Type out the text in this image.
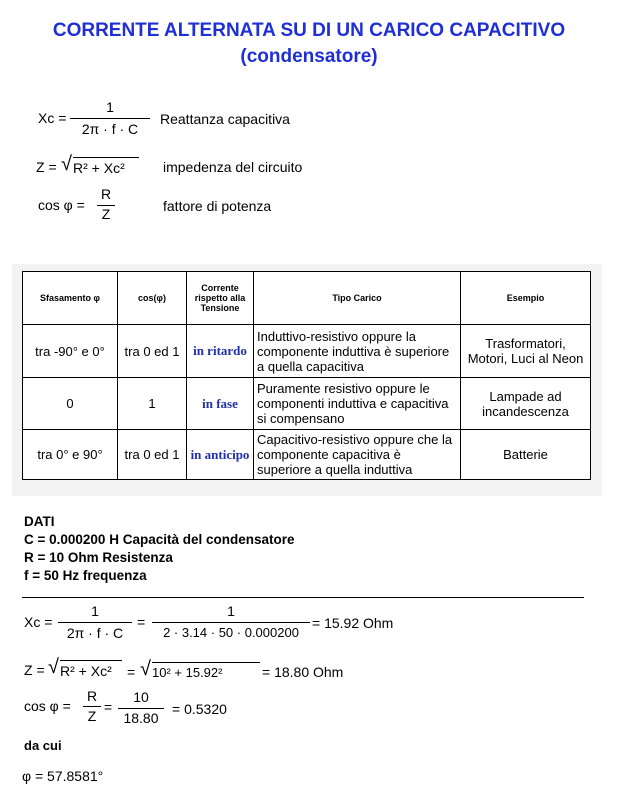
CORRENTE ALTERNATA SU DI UN CARICO CAPACITIVO
(condensatore)
Xc =
1
2π · f · C
Reattanza capacitiva
Z = √ R² + Xc²	impedenza del circuito
cos φ =
R
Z	fattore di potenza
Sfasamento φ	cos(φ)	Corrente rispetto alla Tensione	Tipo Carico	Esempio
tra -90° e 0°	tra 0 ed 1	in ritardo	Induttivo-resistivo oppure la componente induttiva è superiore a quella capacitiva	Trasformatori, Motori, Luci al Neon
0	1	in fase	Puramente resistivo oppure le componenti induttiva e capacitiva si compensano	Lampade ad incandescenza
tra 0° e 90°	tra 0 ed 1	in anticipo	Capacitivo-resistivo oppure che la componente capacitiva è superiore a quella induttiva	Batterie
DATI
C = 0.000200 H Capacità del condensatore
R = 10 Ohm Resistenza
f = 50 Hz frequenza
Xc =
1
2π · f · C
=
1
2 · 3.14 · 50 · 0.000200
= 15.92 Ohm
Z = √ R² + Xc²	= √ 10² + 15.92²	= 18.80 Ohm
cos φ =
R
Z
=
10
18.80
= 0.5320
da cui
φ = 57.8581°
